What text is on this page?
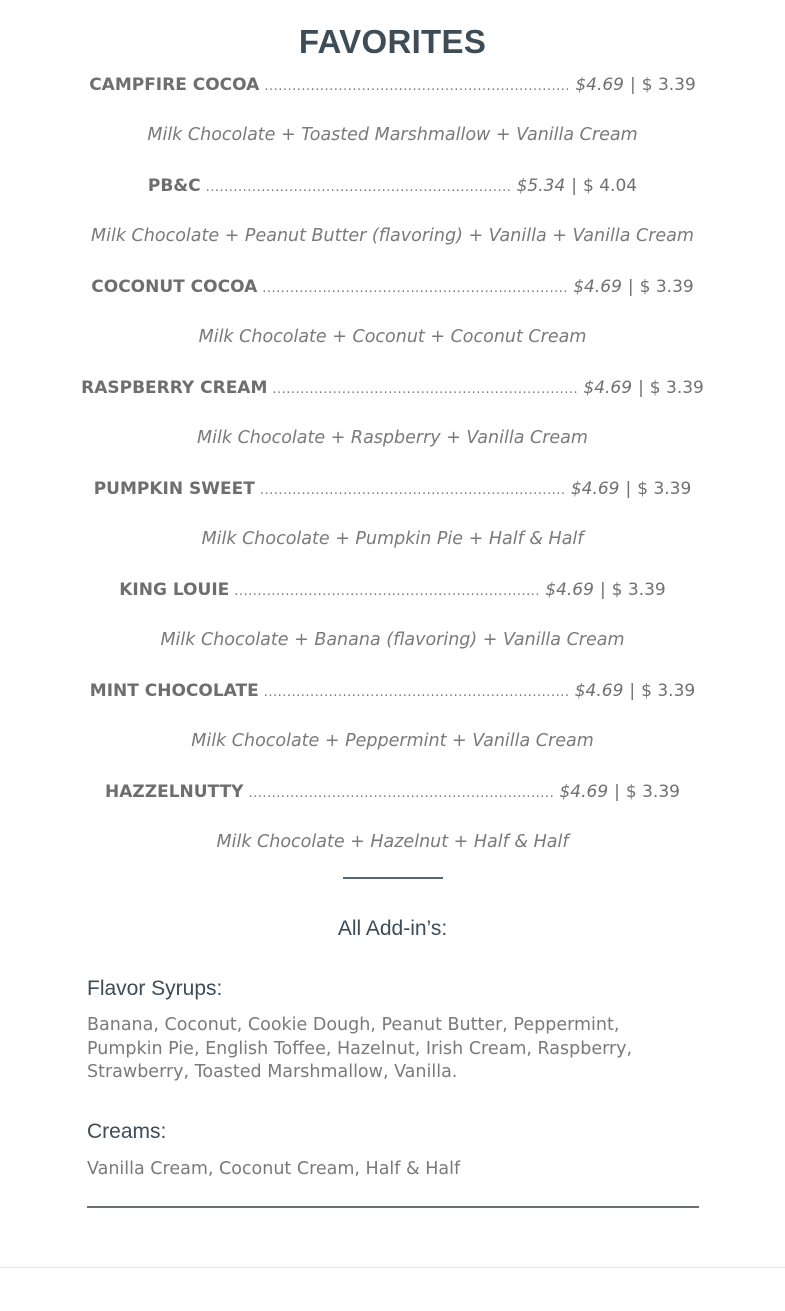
FAVORITES
CAMPFIRE COCOA .....	$4.69 | $ 3.39
Milk Chocolate + Toasted Marshmallow + Vanilla Cream
PB&C .....	$5.34 | $ 4.04
Milk Chocolate + Peanut Butter (flavoring) + Vanilla + Vanilla Cream
COCONUT COCOA .....	$4.69 | $ 3.39
Milk Chocolate + Coconut + Coconut Cream
RASPBERRY CREAM .....	$4.69 | $ 3.39
Milk Chocolate + Raspberry + Vanilla Cream
PUMPKIN SWEET .....	$4.69 | $ 3.39
Milk Chocolate + Pumpkin Pie + Half & Half
KING LOUIE .....	$4.69 | $ 3.39
Milk Chocolate + Banana (flavoring) + Vanilla Cream
MINT CHOCOLATE .....	$4.69 | $ 3.39
Milk Chocolate + Peppermint + Vanilla Cream
HAZZELNUTTY .....	$4.69 | $ 3.39
Milk Chocolate + Hazelnut + Half & Half
All Add-in’s:
Flavor Syrups:
Banana, Coconut, Cookie Dough, Peanut Butter, Peppermint, Pumpkin Pie, English Toffee, Hazelnut, Irish Cream, Raspberry, Strawberry, Toasted Marshmallow, Vanilla.
Creams:
Vanilla Cream, Coconut Cream, Half & Half
